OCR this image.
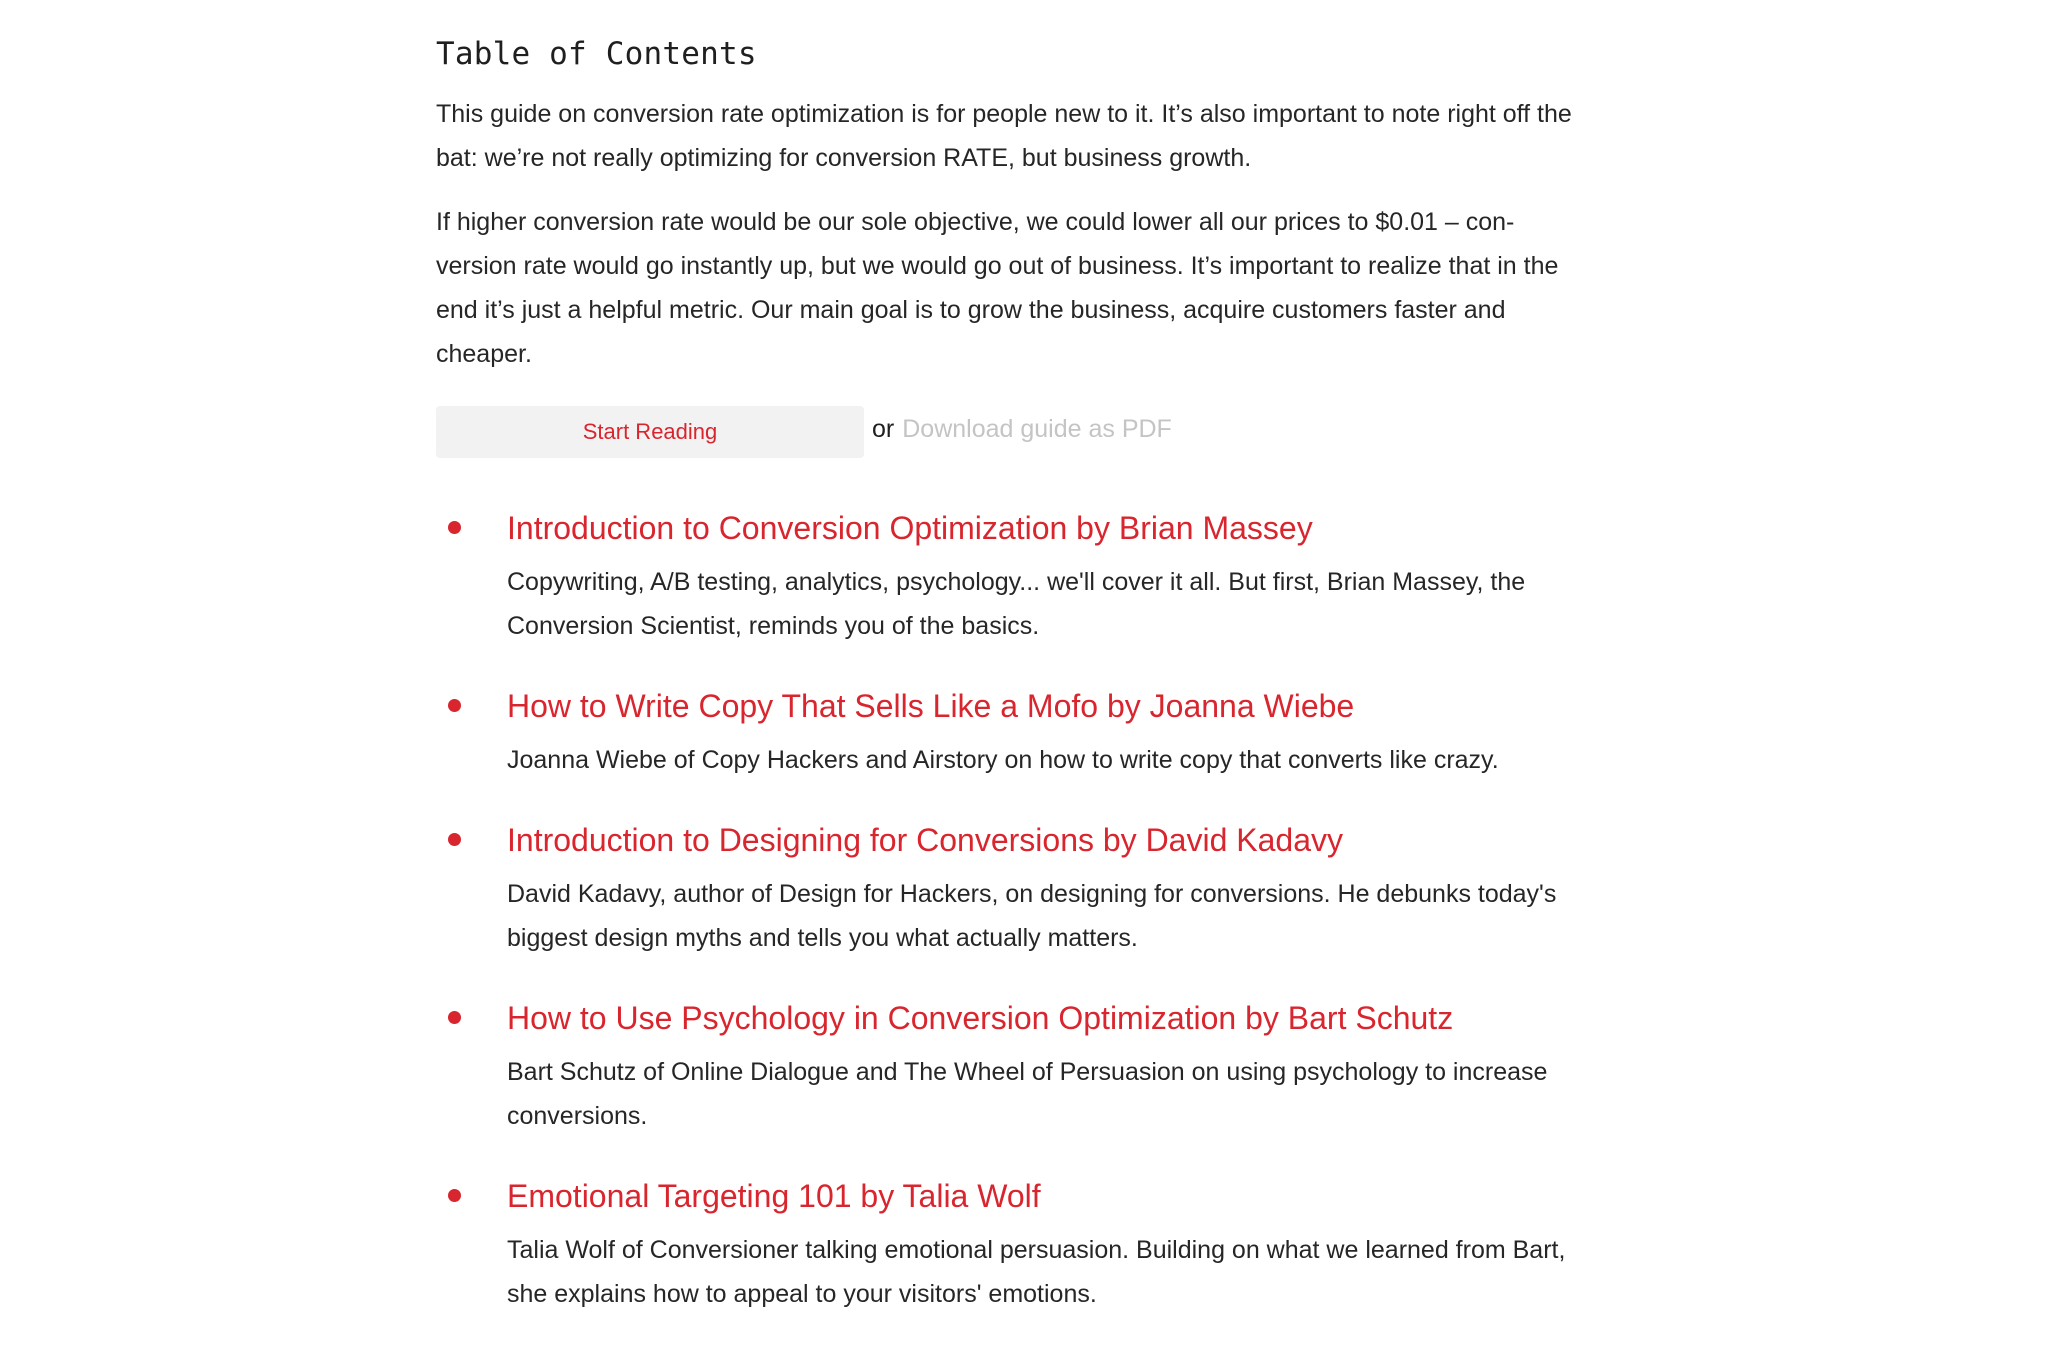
Table of Contents

This guide on conversion rate optimization is for people new to it. It’s also important to note right off the bat: we’re not really optimizing for conversion RATE, but business growth.

If higher conversion rate would be our sole objective, we could lower all our prices to $0.01 – conversion rate would go instantly up, but we would go out of business. It’s important to realize that in the end it’s just a helpful metric. Our main goal is to grow the business, acquire customers faster and cheaper.

Start Reading	or Download guide as PDF
Introduction to Conversion Optimization by Brian Massey

Copywriting, A/B testing, analytics, psychology... we'll cover it all. But first, Brian Massey, the Conversion Scientist, reminds you of the basics.

How to Write Copy That Sells Like a Mofo by Joanna Wiebe

Joanna Wiebe of Copy Hackers and Airstory on how to write copy that converts like crazy.

Introduction to Designing for Conversions by David Kadavy

David Kadavy, author of Design for Hackers, on designing for conversions. He debunks today's biggest design myths and tells you what actually matters.

How to Use Psychology in Conversion Optimization by Bart Schutz

Bart Schutz of Online Dialogue and The Wheel of Persuasion on using psychology to increase conversions.

Emotional Targeting 101 by Talia Wolf

Talia Wolf of Conversioner talking emotional persuasion. Building on what we learned from Bart, she explains how to appeal to your visitors' emotions.
